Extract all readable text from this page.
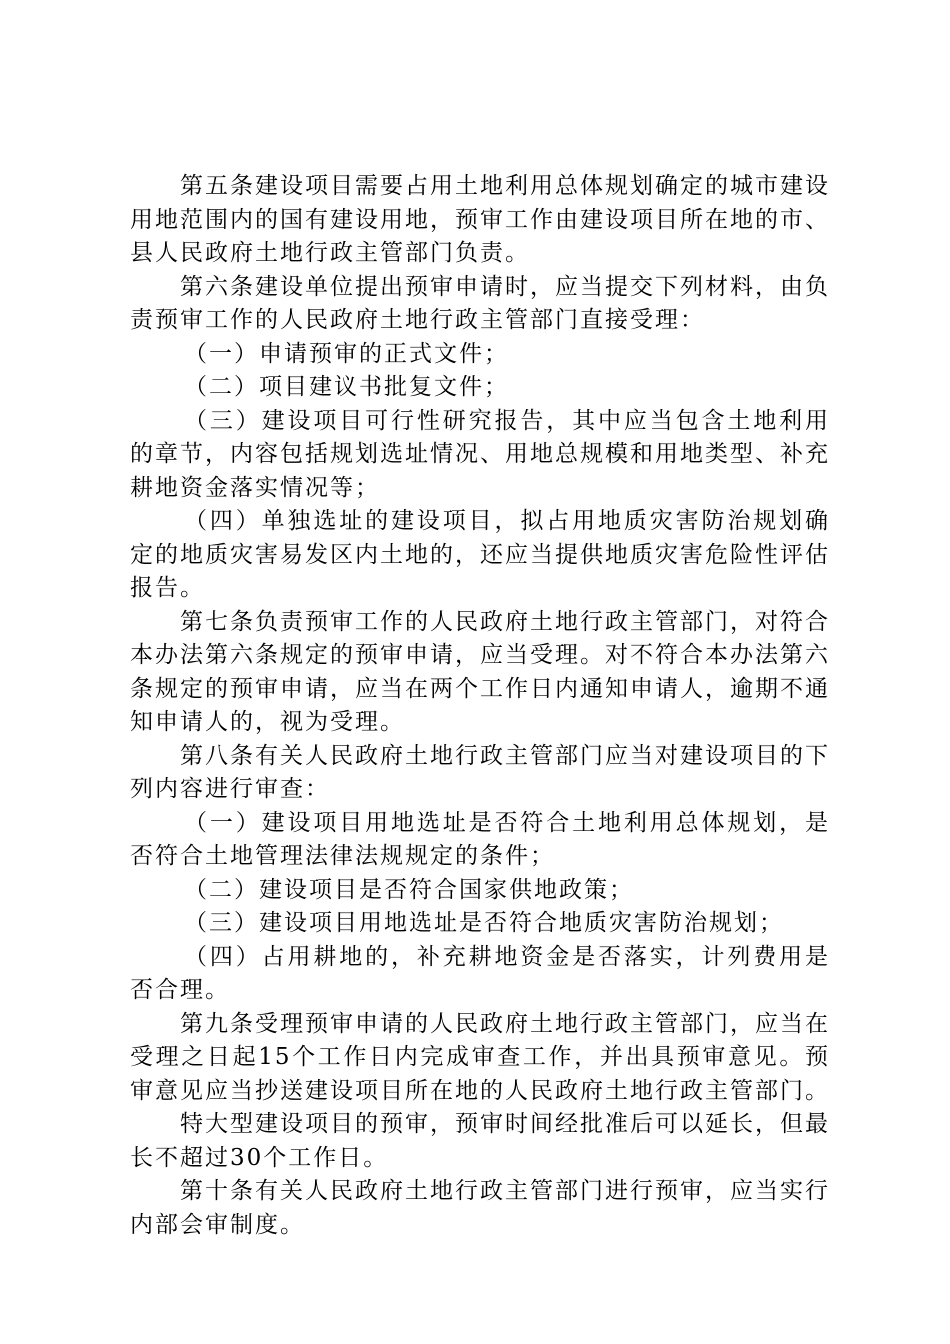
第五条建设项目需要占用土地利用总体规划确定的城市建设用地范围内的国有建设用地，预审工作由建设项目所在地的市、县人民政府土地行政主管部门负责。

第六条建设单位提出预审申请时，应当提交下列材料，由负责预审工作的人民政府土地行政主管部门直接受理：

（一）申请预审的正式文件；

（二）项目建议书批复文件；

（三）建设项目可行性研究报告，其中应当包含土地利用的章节，内容包括规划选址情况、用地总规模和用地类型、补充耕地资金落实情况等；

（四）单独选址的建设项目，拟占用地质灾害防治规划确定的地质灾害易发区内土地的，还应当提供地质灾害危险性评估报告。

第七条负责预审工作的人民政府土地行政主管部门，对符合本办法第六条规定的预审申请，应当受理。对不符合本办法第六条规定的预审申请，应当在两个工作日内通知申请人，逾期不通知申请人的，视为受理。

第八条有关人民政府土地行政主管部门应当对建设项目的下列内容进行审查：

（一）建设项目用地选址是否符合土地利用总体规划，是否符合土地管理法律法规规定的条件；

（二）建设项目是否符合国家供地政策；

（三）建设项目用地选址是否符合地质灾害防治规划；

（四）占用耕地的，补充耕地资金是否落实，计列费用是否合理。

第九条受理预审申请的人民政府土地行政主管部门，应当在受理之日起15个工作日内完成审查工作，并出具预审意见。预审意见应当抄送建设项目所在地的人民政府土地行政主管部门。

特大型建设项目的预审，预审时间经批准后可以延长，但最长不超过30个工作日。

第十条有关人民政府土地行政主管部门进行预审，应当实行内部会审制度。
